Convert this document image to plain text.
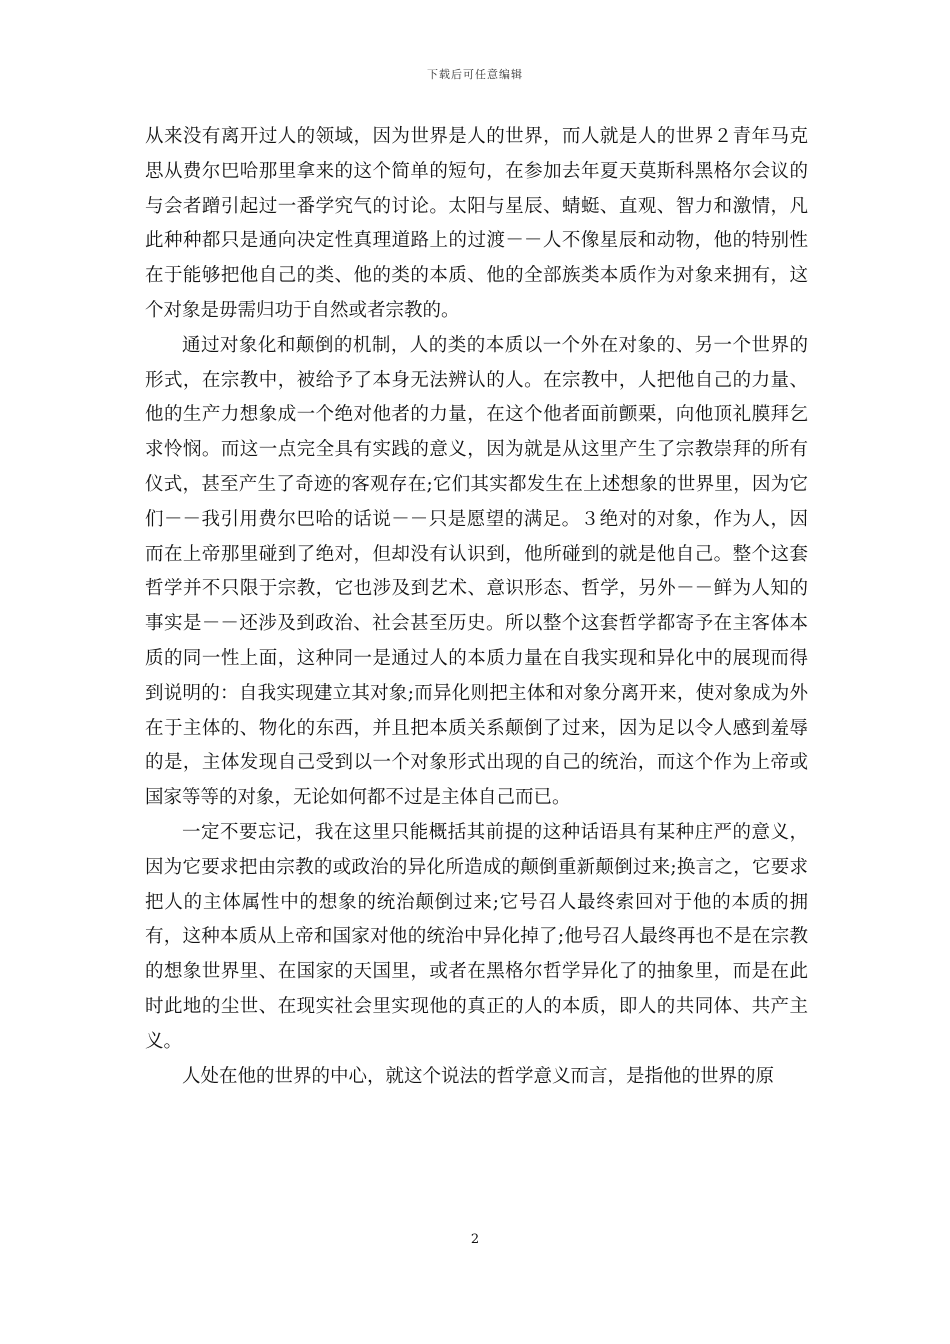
下载后可任意编辑

从来没有离开过人的领域，因为世界是人的世界，而人就是人的世界２青年马克思从费尔巴哈那里拿来的这个简单的短句，在参加去年夏天莫斯科黑格尔会议的与会者蹭引起过一番学究气的讨论。太阳与星辰、蜻蜓、直观、智力和激情，凡此种种都只是通向决定性真理道路上的过渡－－人不像星辰和动物，他的特别性在于能够把他自己的类、他的类的本质、他的全部族类本质作为对象来拥有，这个对象是毋需归功于自然或者宗教的。

通过对象化和颠倒的机制，人的类的本质以一个外在对象的、另一个世界的形式，在宗教中，被给予了本身无法辨认的人。在宗教中，人把他自己的力量、他的生产力想象成一个绝对他者的力量，在这个他者面前颤栗，向他顶礼膜拜乞求怜悯。而这一点完全具有实践的意义，因为就是从这里产生了宗教崇拜的所有仪式，甚至产生了奇迹的客观存在;它们其实都发生在上述想象的世界里，因为它们－－我引用费尔巴哈的话说－－只是愿望的满足。３绝对的对象，作为人，因而在上帝那里碰到了绝对，但却没有认识到，他所碰到的就是他自己。整个这套哲学并不只限于宗教，它也涉及到艺术、意识形态、哲学，另外－－鲜为人知的事实是－－还涉及到政治、社会甚至历史。所以整个这套哲学都寄予在主客体本质的同一性上面，这种同一是通过人的本质力量在自我实现和异化中的展现而得到说明的：自我实现建立其对象;而异化则把主体和对象分离开来，使对象成为外在于主体的、物化的东西，并且把本质关系颠倒了过来，因为足以令人感到羞辱的是，主体发现自己受到以一个对象形式出现的自己的统治，而这个作为上帝或国家等等的对象，无论如何都不过是主体自己而已。

一定不要忘记，我在这里只能概括其前提的这种话语具有某种庄严的意义，因为它要求把由宗教的或政治的异化所造成的颠倒重新颠倒过来;换言之，它要求把人的主体属性中的想象的统治颠倒过来;它号召人最终索回对于他的本质的拥有，这种本质从上帝和国家对他的统治中异化掉了;他号召人最终再也不是在宗教的想象世界里、在国家的天国里，或者在黑格尔哲学异化了的抽象里，而是在此时此地的尘世、在现实社会里实现他的真正的人的本质，即人的共同体、共产主义。

人处在他的世界的中心，就这个说法的哲学意义而言，是指他的世界的原

2
